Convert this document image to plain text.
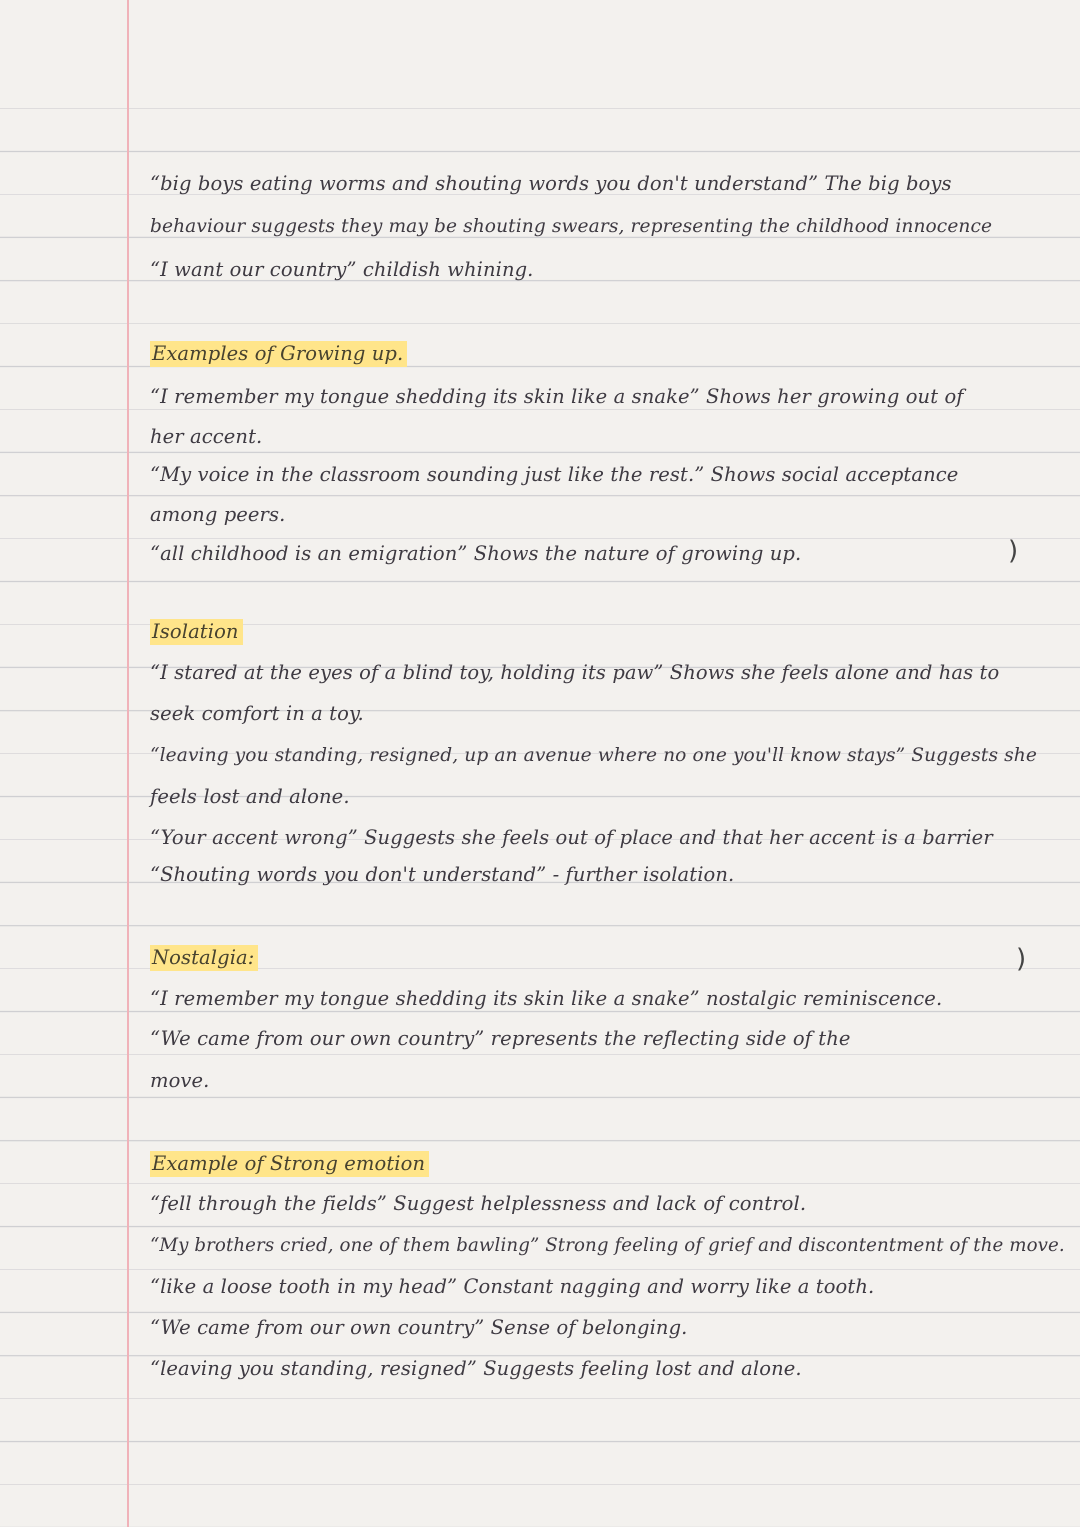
“big boys eating worms and shouting words you don't understand” The big boys
behaviour suggests they may be shouting swears, representing the childhood innocence
“I want our country” childish whining.
Examples of Growing up.
“I remember my tongue shedding its skin like a snake” Shows her growing out of
her accent.
“My voice in the classroom sounding just like the rest.” Shows social acceptance
among peers.
“all childhood is an emigration” Shows the nature of growing up.	)
Isolation
“I stared at the eyes of a blind toy, holding its paw” Shows she feels alone and has to
seek comfort in a toy.
“leaving you standing, resigned, up an avenue where no one you'll know stays” Suggests she
feels lost and alone.
“Your accent wrong” Suggests she feels out of place and that her accent is a barrier
“Shouting words you don't understand” - further isolation.
Nostalgia:	)
“I remember my tongue shedding its skin like a snake” nostalgic reminiscence.
“We came from our own country” represents the reflecting side of the
move.
Example of Strong emotion
“fell through the fields” Suggest helplessness and lack of control.
“My brothers cried, one of them bawling” Strong feeling of grief and discontentment of the move.
“like a loose tooth in my head” Constant nagging and worry like a tooth.
“We came from our own country” Sense of belonging.
“leaving you standing, resigned” Suggests feeling lost and alone.
